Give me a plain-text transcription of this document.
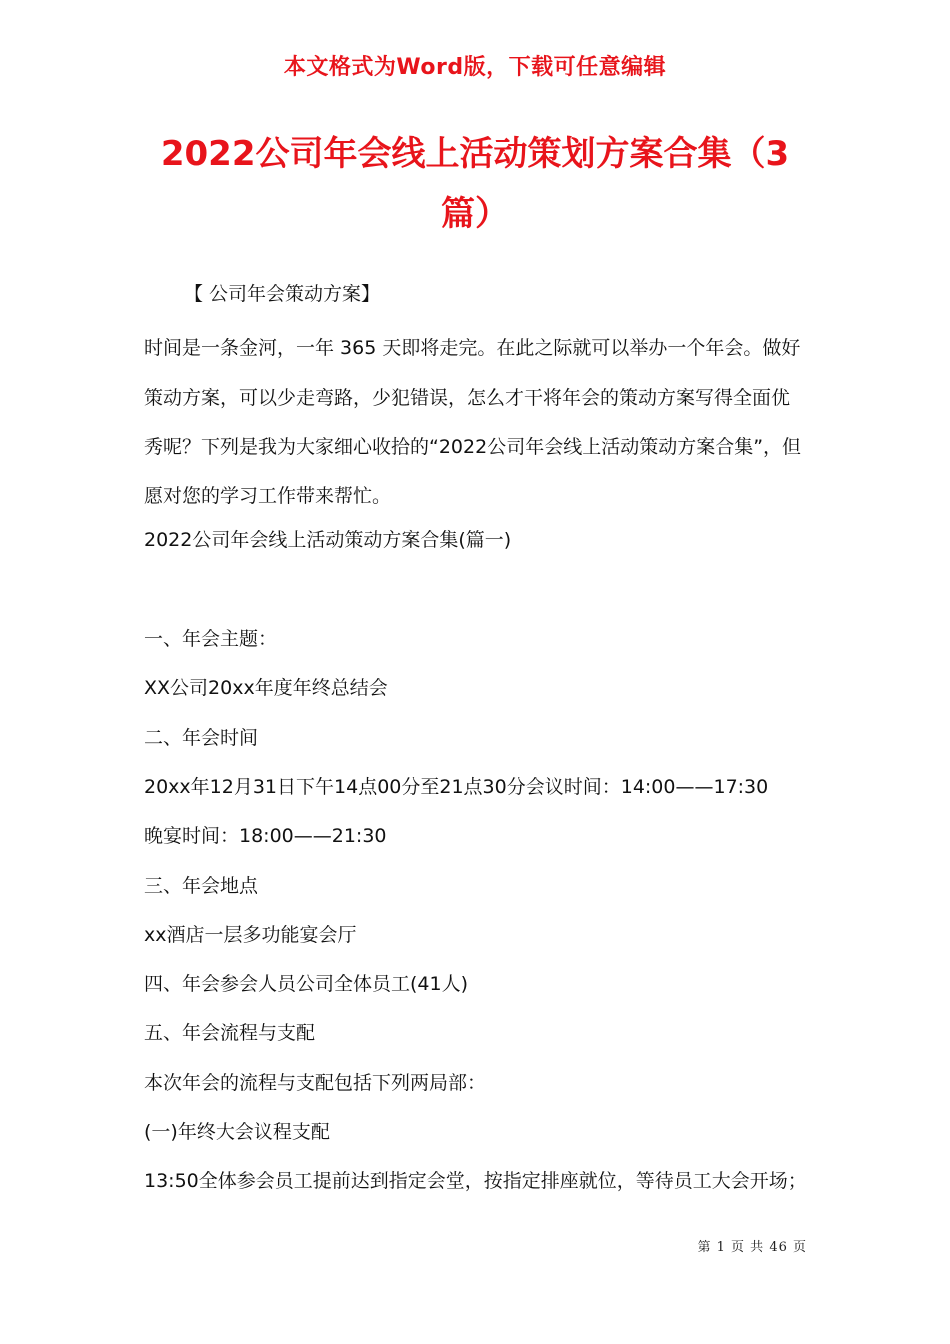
本文格式为Word版，下载可任意编辑
2022公司年会线上活动策划方案合集（3篇）
【 公司年会策动方案】
时间是一条金河，一年 365 天即将走完。在此之际就可以举办一个年会。做好策动方案，可以少走弯路，少犯错误，怎么才干将年会的策动方案写得全面优秀呢？下列是我为大家细心收拾的“2022公司年会线上活动策动方案合集”，但愿对您的学习工作带来帮忙。
2022公司年会线上活动策动方案合集(篇一)
一、年会主题：
XX公司20xx年度年终总结会
二、年会时间
20xx年12月31日下午14点00分至21点30分会议时间：14:00——17:30
晚宴时间：18:00——21:30
三、年会地点
xx酒店一层多功能宴会厅
四、年会参会人员公司全体员工(41人)
五、年会流程与支配
本次年会的流程与支配包括下列两局部：
(一)年终大会议程支配
13:50全体参会员工提前达到指定会堂，按指定排座就位，等待员工大会开场；
第 1 页 共 46 页
